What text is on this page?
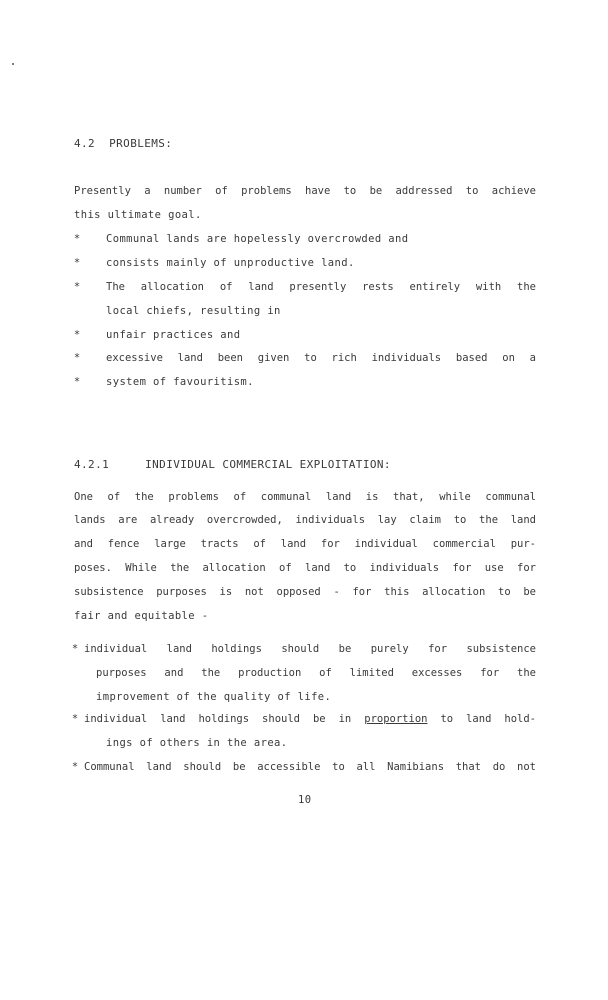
4.2 PROBLEMS:
Presently a number of problems have to be addressed to achieve
this ultimate goal.
* Communal lands are hopelessly overcrowded and
* consists mainly of unproductive land.
* The allocation of land presently rests entirely with the
local chiefs, resulting in
* unfair practices and
* excessive land been given to rich individuals based on a
* system of favouritism.
4.2.1	INDIVIDUAL COMMERCIAL EXPLOITATION:
One of the problems of communal land is that, while communal
lands are already overcrowded, individuals lay claim to the land
and fence large tracts of land for individual commercial pur-
poses. While the allocation of land to individuals for use for
subsistence purposes is not opposed - for this allocation to be
fair and equitable -
* individual land holdings should be purely for subsistence
purposes and the production of limited excesses for the
improvement of the quality of life.
* individual land holdings should be in proportion to land hold-
ings of others in the area.
* Communal land should be accessible to all Namibians that do not
10
